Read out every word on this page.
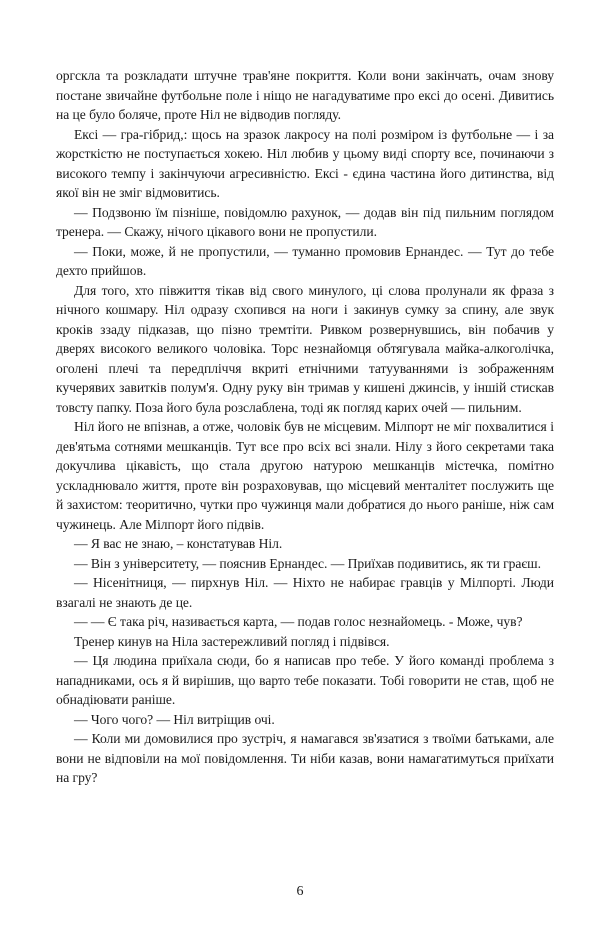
оргскла та розкладати штучне трав'яне покриття. Коли вони закінчать, очам знову постане звичайне футбольне поле і ніщо не нагадуватиме про ексі до осені. Дивитись на це було боляче, проте Ніл не відводив погляду.

Ексі — гра-гібрид,: щось на зразок лакросу на полі розміром із футбольне — і за жорсткістю не поступається хокею. Ніл любив у цьому виді спорту все, починаючи з високого темпу і закінчуючи агресивністю. Ексі - єдина частина його дитинства, від якої він не зміг відмовитись.

— Подзвоню їм пізніше, повідомлю рахунок, — додав він під пильним поглядом тренера. — Скажу, нічого цікавого вони не пропустили.

— Поки, може, й не пропустили, — туманно промовив Ернандес. — Тут до тебе дехто прийшов.

Для того, хто півжиття тікав від свого минулого, ці слова пролунали як фраза з нічного кошмару. Ніл одразу схопився на ноги і закинув сумку за спину, але звук кроків ззаду підказав, що пізно тремтіти. Ривком розвернувшись, він побачив у дверях високого великого чоловіка. Торс незнайомця обтягувала майка-алкоголічка, оголені плечі та передпліччя вкриті етнічними татууваннями із зображенням кучерявих завитків полум'я. Одну руку він тримав у кишені джинсів, у іншій стискав товсту папку. Поза його була розслаблена, тоді як погляд карих очей — пильним.

Ніл його не впізнав, а отже, чоловік був не місцевим. Мілпорт не міг похвалитися і дев'ятьма сотнями мешканців. Тут все про всіх всі знали. Нілу з його секретами така докучлива цікавість, що стала другою натурою мешканців містечка, помітно ускладнювало життя, проте він розраховував, що місцевий менталітет послужить ще й захистом: теоритично, чутки про чужинця мали добратися до нього раніше, ніж сам чужинець. Але Мілпорт його підвів.

— Я вас не знаю, – констатував Ніл.

— Він з університету, — пояснив Ернандес. — Приїхав подивитись, як ти граєш.

— Нісенітниця, — пирхнув Ніл. — Ніхто не набирає гравців у Мілпорті. Люди взагалі не знають де це.

— — Є така річ, називається карта, — подав голос незнайомець. - Може, чув?

Тренер кинув на Ніла застережливий погляд і підвівся.

— Ця людина приїхала сюди, бо я написав про тебе. У його команді проблема з нападниками, ось я й вирішив, що варто тебе показати. Тобі говорити не став, щоб не обнадіювати раніше.

— Чого чого? — Ніл витріщив очі.

— Коли ми домовилися про зустріч, я намагався зв'язатися з твоїми батьками, але вони не відповіли на мої повідомлення. Ти ніби казав, вони намагатимуться приїхати на гру?

6
